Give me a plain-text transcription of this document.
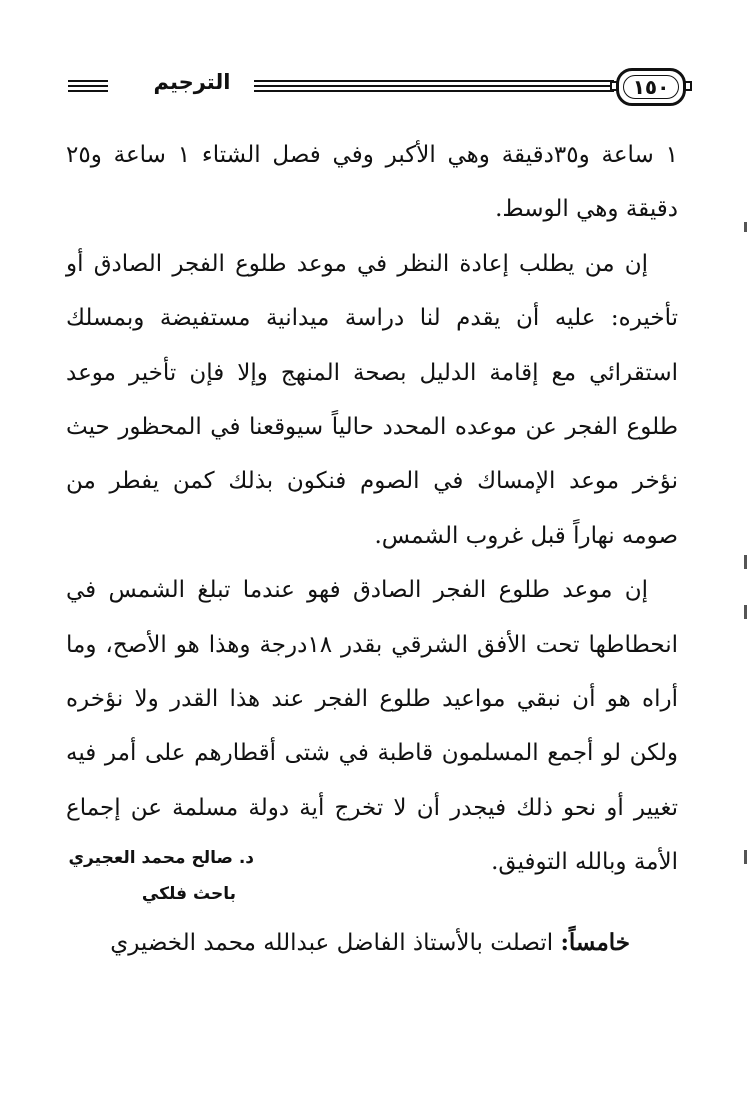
الترجيم	١٥٠

١ ساعة و٣٥دقيقة وهي الأكبر وفي فصل الشتاء ١ ساعة و٢٥ دقيقة وهي الوسط.

إن من يطلب إعادة النظر في موعد طلوع الفجر الصادق أو تأخيره: عليه أن يقدم لنا دراسة ميدانية مستفيضة وبمسلك استقرائي مع إقامة الدليل بصحة المنهج وإلا فإن تأخير موعد طلوع الفجر عن موعده المحدد حالياً سيوقعنا في المحظور حيث نؤخر موعد الإمساك في الصوم فنكون بذلك كمن يفطر من صومه نهاراً قبل غروب الشمس.

إن موعد طلوع الفجر الصادق فهو عندما تبلغ الشمس في انحطاطها تحت الأفق الشرقي بقدر ١٨درجة وهذا هو الأصح، وما أراه هو أن نبقي مواعيد طلوع الفجر عند هذا القدر ولا نؤخره ولكن لو أجمع المسلمون قاطبة في شتى أقطارهم على أمر فيه تغيير أو نحو ذلك فيجدر أن لا تخرج أية دولة مسلمة عن إجماع الأمة وبالله التوفيق.

د. صالح محمد العجيري
باحث فلكي
خامساً: اتصلت بالأستاذ الفاضل عبدالله محمد الخضيري
